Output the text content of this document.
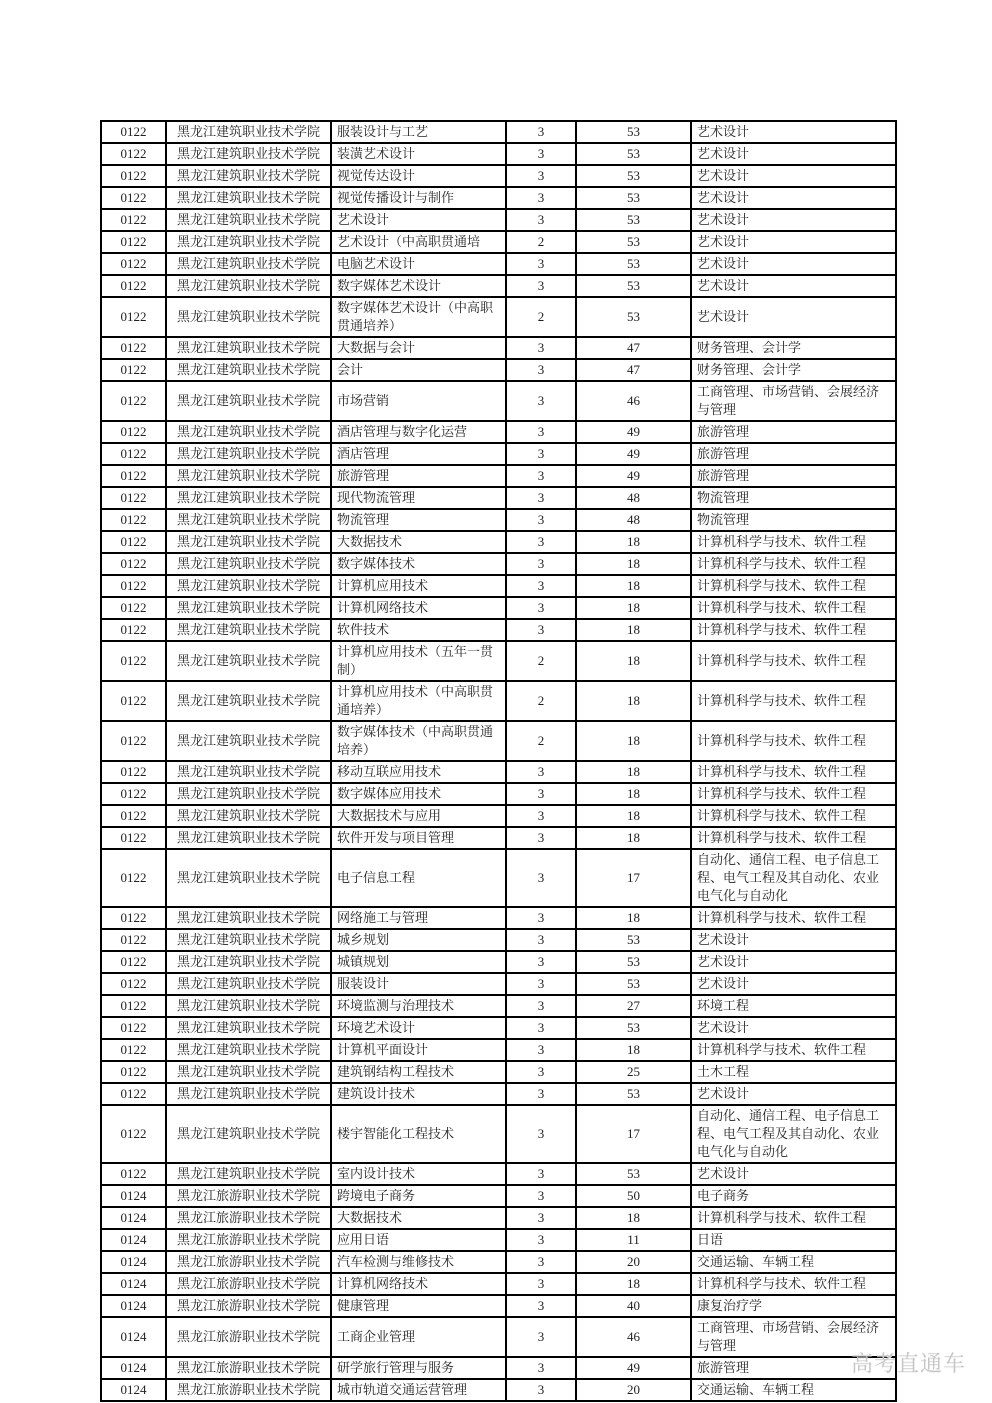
0122	黑龙江建筑职业技术学院	服装设计与工艺	3	53	艺术设计
0122	黑龙江建筑职业技术学院	装潢艺术设计	3	53	艺术设计
0122	黑龙江建筑职业技术学院	视觉传达设计	3	53	艺术设计
0122	黑龙江建筑职业技术学院	视觉传播设计与制作	3	53	艺术设计
0122	黑龙江建筑职业技术学院	艺术设计	3	53	艺术设计
0122	黑龙江建筑职业技术学院	艺术设计（中高职贯通培	2	53	艺术设计
0122	黑龙江建筑职业技术学院	电脑艺术设计	3	53	艺术设计
0122	黑龙江建筑职业技术学院	数字媒体艺术设计	3	53	艺术设计
0122	黑龙江建筑职业技术学院	数字媒体艺术设计（中高职贯通培养）	2	53	艺术设计
0122	黑龙江建筑职业技术学院	大数据与会计	3	47	财务管理、会计学
0122	黑龙江建筑职业技术学院	会计	3	47	财务管理、会计学
0122	黑龙江建筑职业技术学院	市场营销	3	46	工商管理、市场营销、会展经济与管理
0122	黑龙江建筑职业技术学院	酒店管理与数字化运营	3	49	旅游管理
0122	黑龙江建筑职业技术学院	酒店管理	3	49	旅游管理
0122	黑龙江建筑职业技术学院	旅游管理	3	49	旅游管理
0122	黑龙江建筑职业技术学院	现代物流管理	3	48	物流管理
0122	黑龙江建筑职业技术学院	物流管理	3	48	物流管理
0122	黑龙江建筑职业技术学院	大数据技术	3	18	计算机科学与技术、软件工程
0122	黑龙江建筑职业技术学院	数字媒体技术	3	18	计算机科学与技术、软件工程
0122	黑龙江建筑职业技术学院	计算机应用技术	3	18	计算机科学与技术、软件工程
0122	黑龙江建筑职业技术学院	计算机网络技术	3	18	计算机科学与技术、软件工程
0122	黑龙江建筑职业技术学院	软件技术	3	18	计算机科学与技术、软件工程
0122	黑龙江建筑职业技术学院	计算机应用技术（五年一贯制）	2	18	计算机科学与技术、软件工程
0122	黑龙江建筑职业技术学院	计算机应用技术（中高职贯通培养）	2	18	计算机科学与技术、软件工程
0122	黑龙江建筑职业技术学院	数字媒体技术（中高职贯通培养）	2	18	计算机科学与技术、软件工程
0122	黑龙江建筑职业技术学院	移动互联应用技术	3	18	计算机科学与技术、软件工程
0122	黑龙江建筑职业技术学院	数字媒体应用技术	3	18	计算机科学与技术、软件工程
0122	黑龙江建筑职业技术学院	大数据技术与应用	3	18	计算机科学与技术、软件工程
0122	黑龙江建筑职业技术学院	软件开发与项目管理	3	18	计算机科学与技术、软件工程
0122	黑龙江建筑职业技术学院	电子信息工程	3	17	自动化、通信工程、电子信息工程、电气工程及其自动化、农业电气化与自动化
0122	黑龙江建筑职业技术学院	网络施工与管理	3	18	计算机科学与技术、软件工程
0122	黑龙江建筑职业技术学院	城乡规划	3	53	艺术设计
0122	黑龙江建筑职业技术学院	城镇规划	3	53	艺术设计
0122	黑龙江建筑职业技术学院	服装设计	3	53	艺术设计
0122	黑龙江建筑职业技术学院	环境监测与治理技术	3	27	环境工程
0122	黑龙江建筑职业技术学院	环境艺术设计	3	53	艺术设计
0122	黑龙江建筑职业技术学院	计算机平面设计	3	18	计算机科学与技术、软件工程
0122	黑龙江建筑职业技术学院	建筑钢结构工程技术	3	25	土木工程
0122	黑龙江建筑职业技术学院	建筑设计技术	3	53	艺术设计
0122	黑龙江建筑职业技术学院	楼宇智能化工程技术	3	17	自动化、通信工程、电子信息工程、电气工程及其自动化、农业电气化与自动化
0122	黑龙江建筑职业技术学院	室内设计技术	3	53	艺术设计
0124	黑龙江旅游职业技术学院	跨境电子商务	3	50	电子商务
0124	黑龙江旅游职业技术学院	大数据技术	3	18	计算机科学与技术、软件工程
0124	黑龙江旅游职业技术学院	应用日语	3	11	日语
0124	黑龙江旅游职业技术学院	汽车检测与维修技术	3	20	交通运输、车辆工程
0124	黑龙江旅游职业技术学院	计算机网络技术	3	18	计算机科学与技术、软件工程
0124	黑龙江旅游职业技术学院	健康管理	3	40	康复治疗学
0124	黑龙江旅游职业技术学院	工商企业管理	3	46	工商管理、市场营销、会展经济与管理
0124	黑龙江旅游职业技术学院	研学旅行管理与服务	3	49	旅游管理
0124	黑龙江旅游职业技术学院	城市轨道交通运营管理	3	20	交通运输、车辆工程
高考直通车
